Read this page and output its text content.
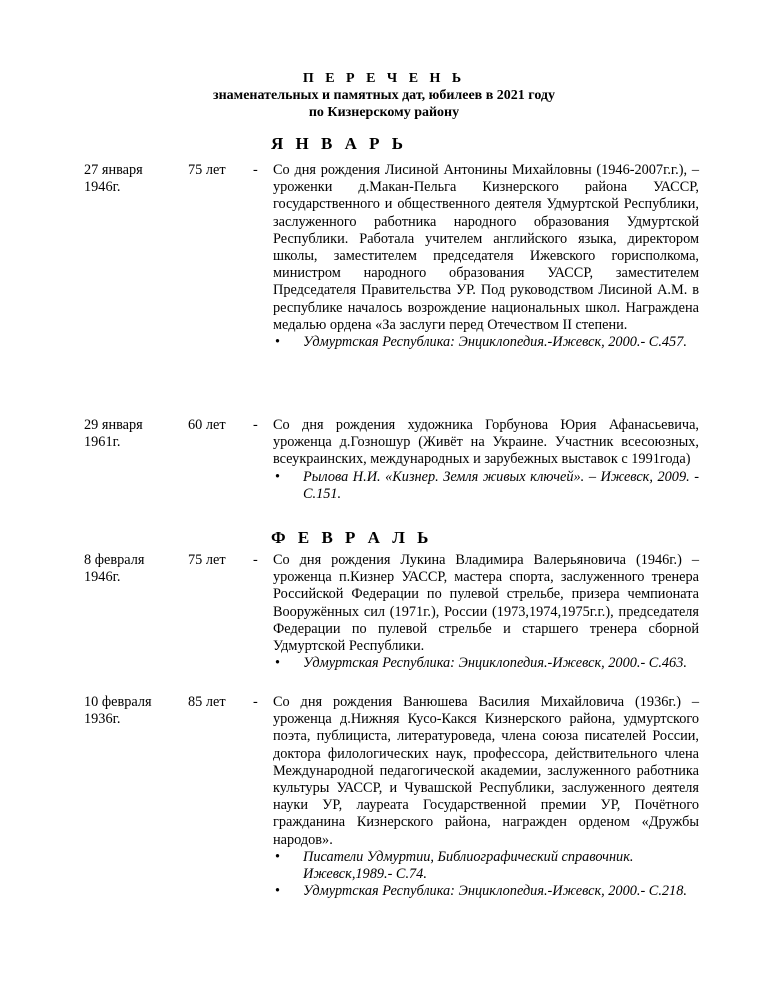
П Е Р Е Ч Е Н Ь
знаменательных и памятных дат, юбилеев в 2021 году
по Кизнерскому району
Я Н В А Р Ь
27 января
1946г.
75 лет	- Со дня рождения Лисиной Антонины Михайловны (1946-2007г.г.), – уроженки д.Макан-Пельга Кизнерского района УАССР, государственного и общественного деятеля Удмуртской Республики, заслуженного работника народного образования Удмуртской Республики. Работала учителем английского языка, директором школы, заместителем председателя Ижевского горисполкома, министром народного образования УАССР, заместителем Председателя Правительства УР. Под руководством Лисиной А.М. в республике началось возрождение национальных школ. Награждена медалью ордена «За заслуги перед Отечеством II степени.

• Удмуртская Республика: Энциклопедия.-Ижевск, 2000.- С.457.
29 января
1961г.
60 лет	- Со дня рождения художника Горбунова Юрия Афанасьевича, уроженца д.Гозношур (Живёт на Украине. Участник всесоюзных, всеукраинских, международных и зарубежных выставок с 1991года)

• Рылова Н.И. «Кизнер. Земля живых ключей». – Ижевск, 2009. - С.151.
Ф Е В Р А Л Ь
8 февраля
1946г.
75 лет	- Со дня рождения Лукина Владимира Валерьяновича (1946г.) – уроженца п.Кизнер УАССР, мастера спорта, заслуженного тренера Российской Федерации по пулевой стрельбе, призера чемпионата Вооружённых сил (1971г.), России (1973,1974,1975г.г.), председателя Федерации по пулевой стрельбе и старшего тренера сборной Удмуртской Республики.

• Удмуртская Республика: Энциклопедия.-Ижевск, 2000.- С.463.
10 февраля
1936г.
85 лет	- Со дня рождения Ванюшева Василия Михайловича (1936г.) – уроженца д.Нижняя Кусо-Какся Кизнерского района, удмуртского поэта, публициста, литературоведа, члена союза писателей России, доктора филологических наук, профессора, действительного члена Международной педагогической академии, заслуженного работника культуры УАССР, и Чувашской Республики, заслуженного деятеля науки УР, лауреата Государственной премии УР, Почётного гражданина Кизнерского района, награжден орденом «Дружбы народов».

• Писатели Удмуртии, Библиографический справочник. Ижевск,1989.- С.74.
• Удмуртская Республика: Энциклопедия.-Ижевск, 2000.- С.218.
